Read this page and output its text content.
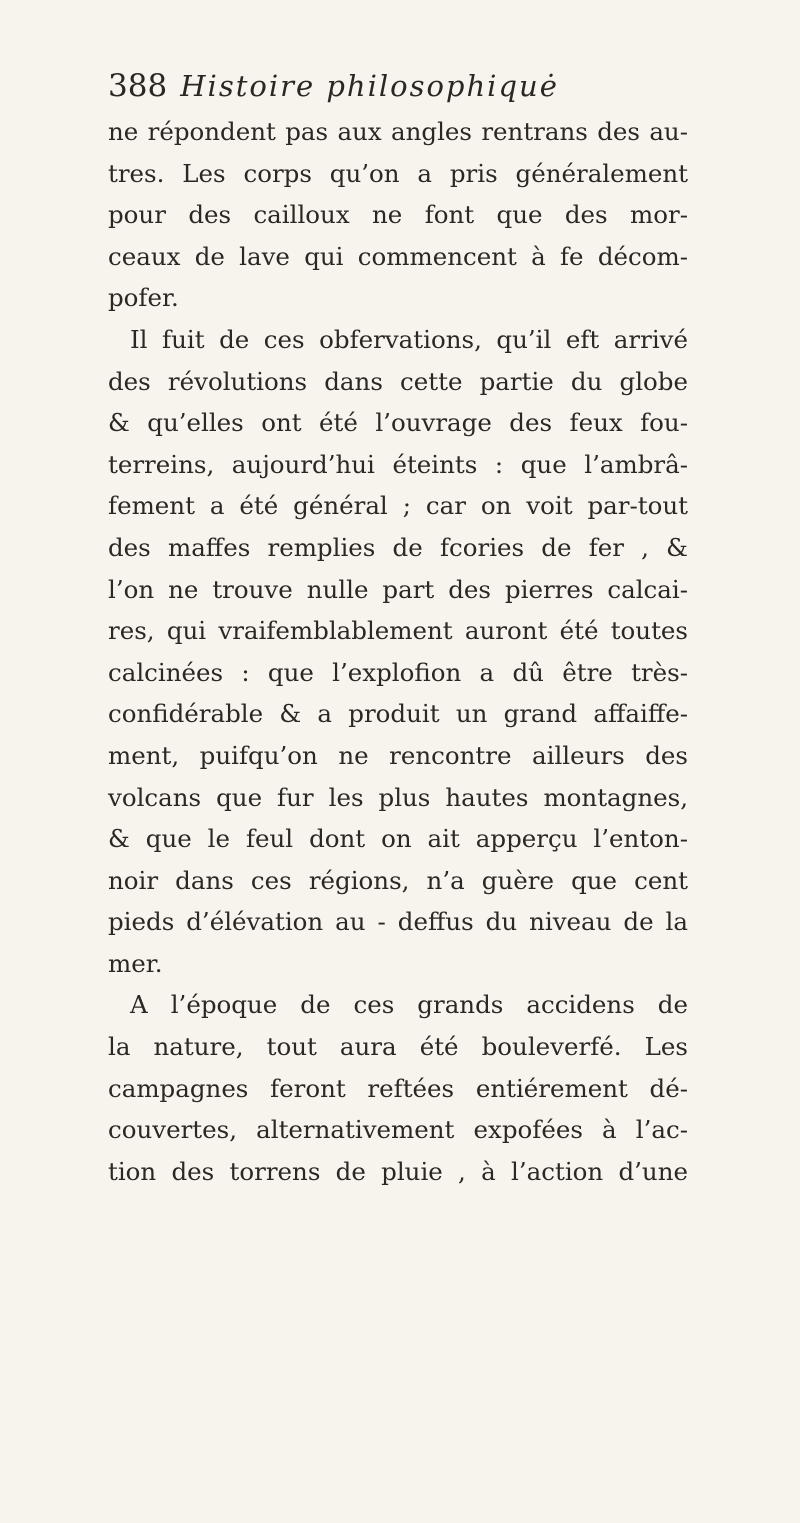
388 Histoire philosophiquė
ne répondent pas aux angles rentrans des au-
tres. Les corps qu’on a pris généralement
pour des cailloux ne font que des mor-
ceaux de lave qui commencent à fe décom-
pofer.
Il fuit de ces obfervations, qu’il eft arrivé
des révolutions dans cette partie du globe
& qu’elles ont été l’ouvrage des feux fou-
terreins, aujourd’hui éteints : que l’ambrâ-
fement a été général ; car on voit par-tout
des maffes remplies de fcories de fer , &
l’on ne trouve nulle part des pierres calcai-
res, qui vraifemblablement auront été toutes
calcinées : que l’explofion a dû être très-
confidérable & a produit un grand affaiffe-
ment, puifqu’on ne rencontre ailleurs des
volcans que fur les plus hautes montagnes,
& que le feul dont on ait apperçu l’enton-
noir dans ces régions, n’a guère que cent
pieds d’élévation au - deffus du niveau de la
mer.
A l’époque de ces grands accidens de
la nature, tout aura été bouleverfé. Les
campagnes feront reftées entiérement dé-
couvertes, alternativement expofées à l’ac-
tion des torrens de pluie , à l’action d’une
